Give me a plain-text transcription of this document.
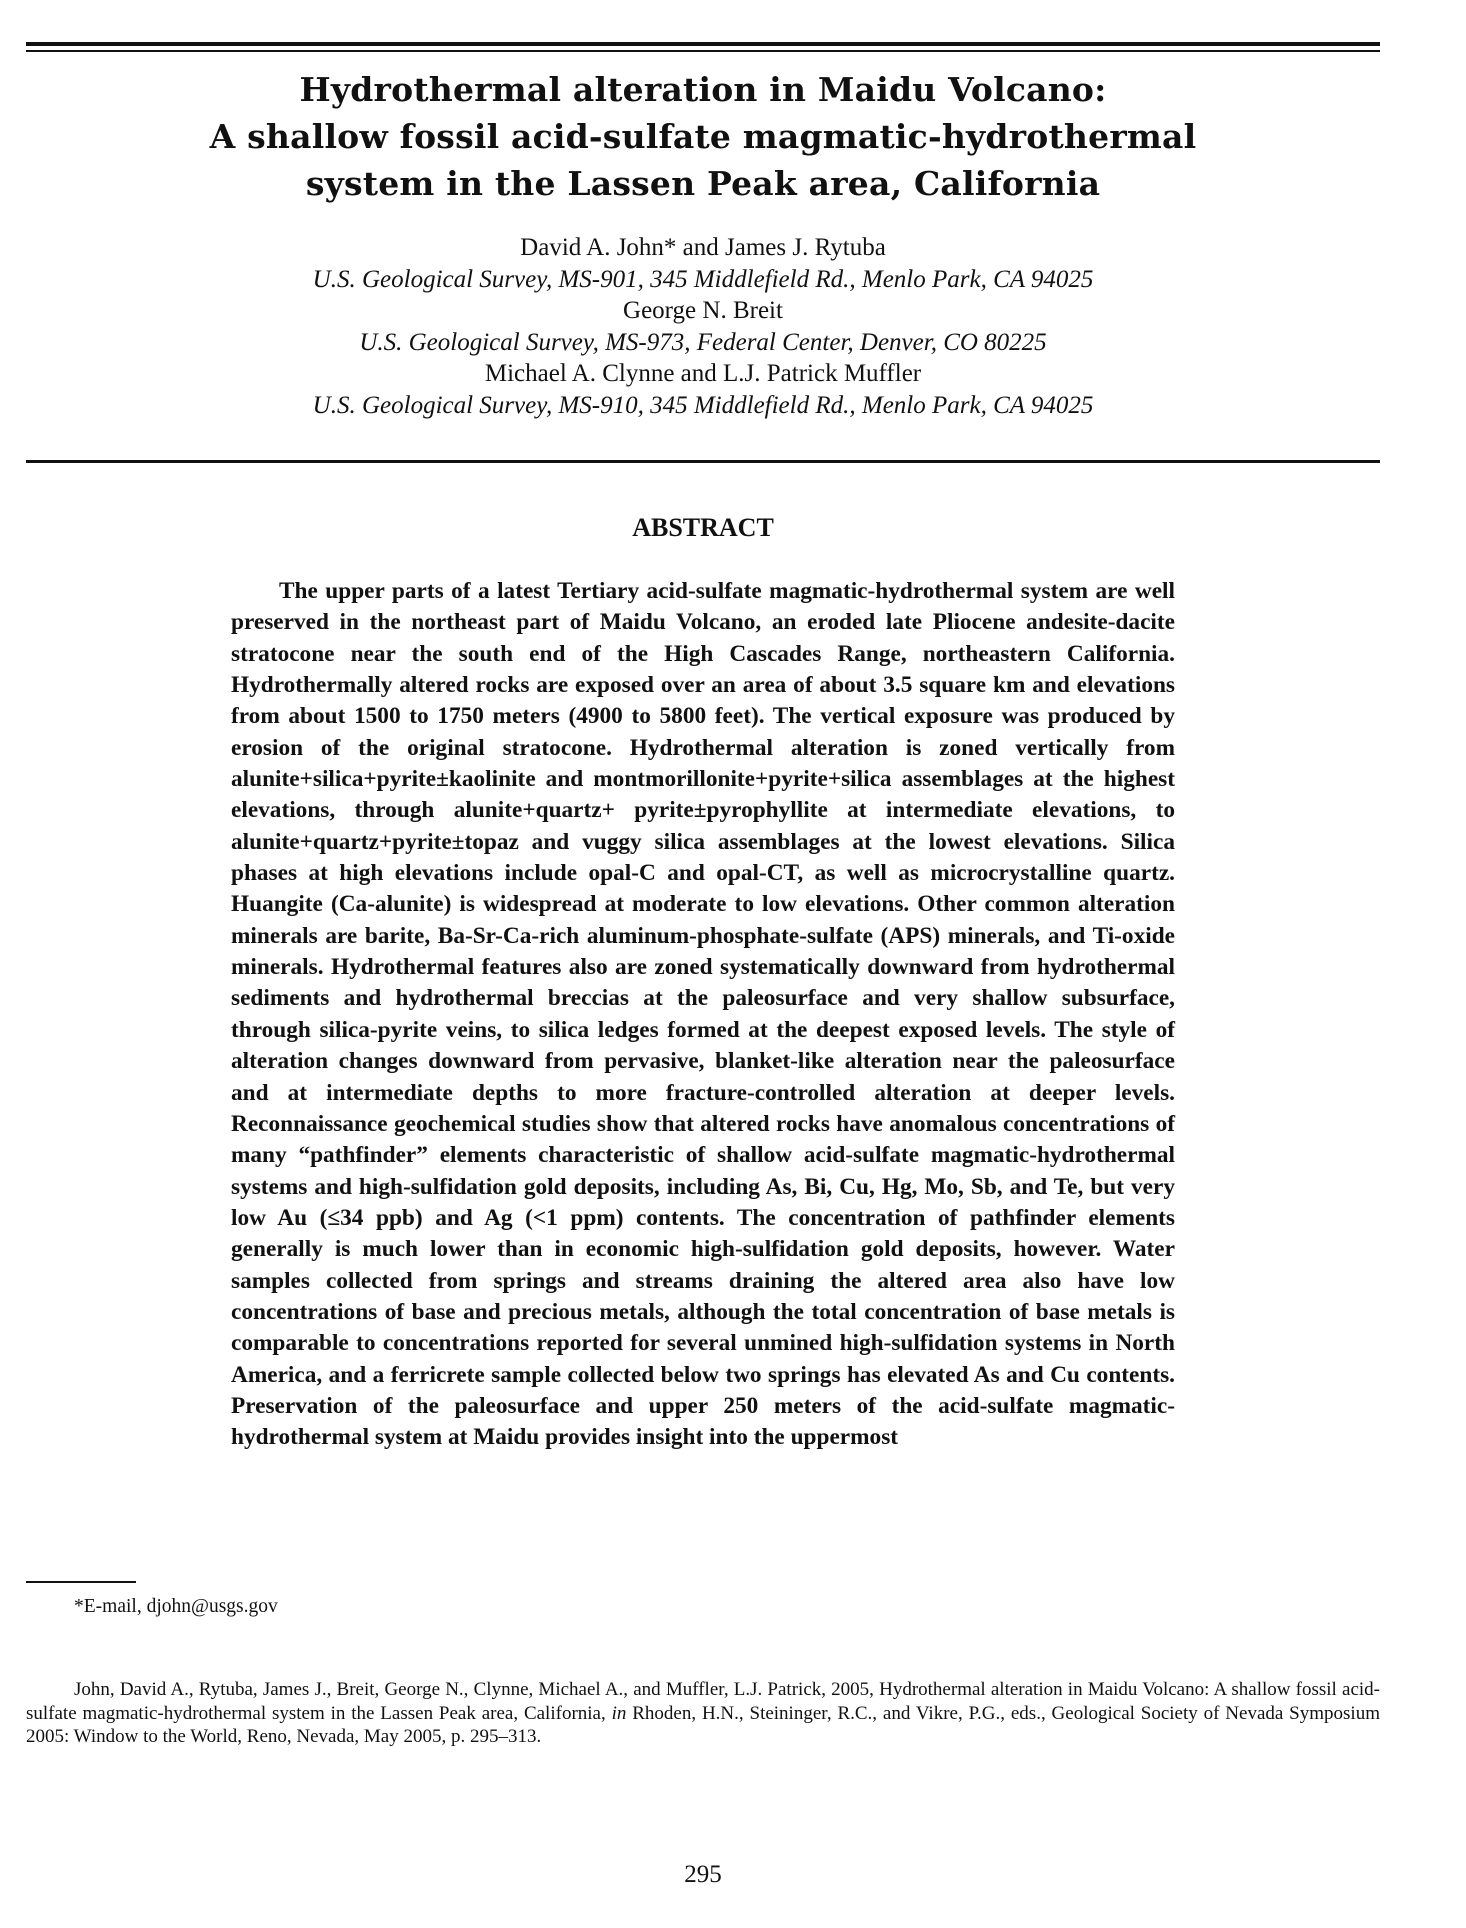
Hydrothermal alteration in Maidu Volcano:
A shallow fossil acid-sulfate magmatic-hydrothermal
system in the Lassen Peak area, California
David A. John* and James J. Rytuba
U.S. Geological Survey, MS-901, 345 Middlefield Rd., Menlo Park, CA 94025
George N. Breit
U.S. Geological Survey, MS-973, Federal Center, Denver, CO 80225
Michael A. Clynne and L.J. Patrick Muffler
U.S. Geological Survey, MS-910, 345 Middlefield Rd., Menlo Park, CA 94025
ABSTRACT

The upper parts of a latest Tertiary acid-sulfate magmatic-hydrothermal system are well preserved in the northeast part of Maidu Volcano, an eroded late Pliocene andesite-dacite stratocone near the south end of the High Cascades Range, northeastern California. Hydrothermally altered rocks are exposed over an area of about 3.5 square km and elevations from about 1500 to 1750 meters (4900 to 5800 feet). The vertical exposure was produced by erosion of the original stratocone. Hydrothermal alteration is zoned vertically from alunite+silica+pyrite±kaolinite and montmorillonite+pyrite+silica assemblages at the highest elevations, through alunite+quartz+ pyrite±pyrophyllite at intermediate elevations, to alunite+quartz+pyrite±topaz and vuggy silica assemblages at the lowest elevations. Silica phases at high elevations include opal-C and opal-CT, as well as microcrystalline quartz. Huangite (Ca-alunite) is widespread at moderate to low elevations. Other common alteration minerals are barite, Ba-Sr-Ca-rich aluminum-phosphate-sulfate (APS) minerals, and Ti-oxide minerals. Hydrothermal features also are zoned systematically downward from hydrothermal sediments and hydrothermal breccias at the paleosurface and very shallow subsurface, through silica-pyrite veins, to silica ledges formed at the deepest exposed levels. The style of alteration changes downward from pervasive, blanket-like alteration near the paleosurface and at intermediate depths to more fracture-controlled alteration at deeper levels. Reconnaissance geochemical studies show that altered rocks have anomalous concentrations of many “pathfinder” elements characteristic of shallow acid-sulfate magmatic-hydrothermal systems and high-sulfidation gold deposits, including As, Bi, Cu, Hg, Mo, Sb, and Te, but very low Au (≤34 ppb) and Ag (<1 ppm) contents. The concentration of pathfinder elements generally is much lower than in economic high-sulfidation gold deposits, however. Water samples collected from springs and streams draining the altered area also have low concentrations of base and precious metals, although the total concentration of base metals is comparable to concentrations reported for several unmined high-sulfidation systems in North America, and a ferricrete sample collected below two springs has elevated As and Cu contents. Preservation of the paleosurface and upper 250 meters of the acid-sulfate magmatic-hydrothermal system at Maidu provides insight into the uppermost

*E-mail, djohn@usgs.gov

John, David A., Rytuba, James J., Breit, George N., Clynne, Michael A., and Muffler, L.J. Patrick, 2005, Hydrothermal alteration in Maidu Volcano: A shallow fossil acid-sulfate magmatic-hydrothermal system in the Lassen Peak area, California, in Rhoden, H.N., Steininger, R.C., and Vikre, P.G., eds., Geological Society of Nevada Symposium 2005: Window to the World, Reno, Nevada, May 2005, p. 295–313.

295
